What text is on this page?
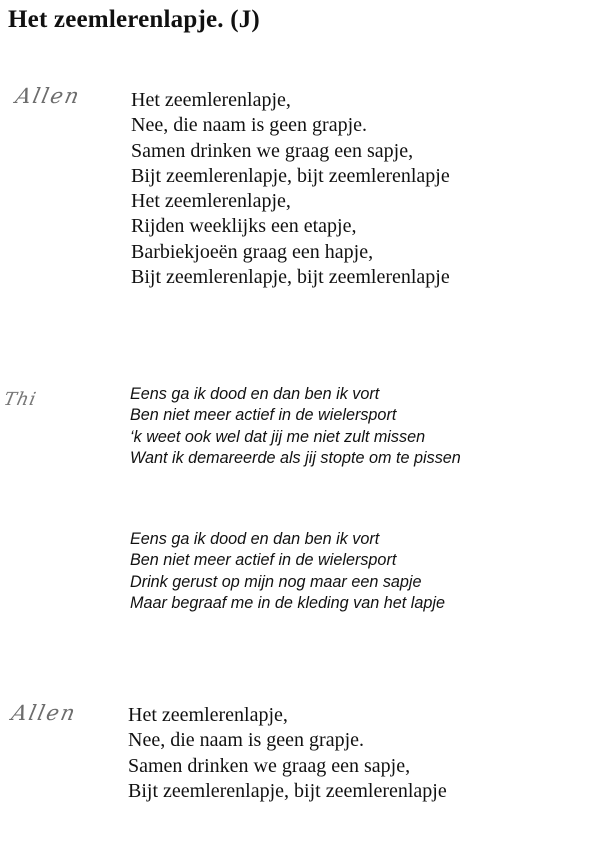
Het zeemlerenlapje. (J)
Allen Het zeemlerenlapje,
Nee, die naam is geen grapje.
Samen drinken we graag een sapje,
Bijt zeemlerenlapje, bijt zeemlerenlapje
Het zeemlerenlapje,
Rijden weeklijks een etapje,
Barbiekjoeën graag een hapje,
Bijt zeemlerenlapje, bijt zeemlerenlapje
Thi	Eens ga ik dood en dan ben ik vort
Ben niet meer actief in de wielersport
‘k weet ook wel dat jij me niet zult missen
Want ik demareerde als jij stopte om te pissen
Eens ga ik dood en dan ben ik vort
Ben niet meer actief in de wielersport
Drink gerust op mijn nog maar een sapje
Maar begraaf me in de kleding van het lapje
Allen Het zeemlerenlapje,
Nee, die naam is geen grapje.
Samen drinken we graag een sapje,
Bijt zeemlerenlapje, bijt zeemlerenlapje
